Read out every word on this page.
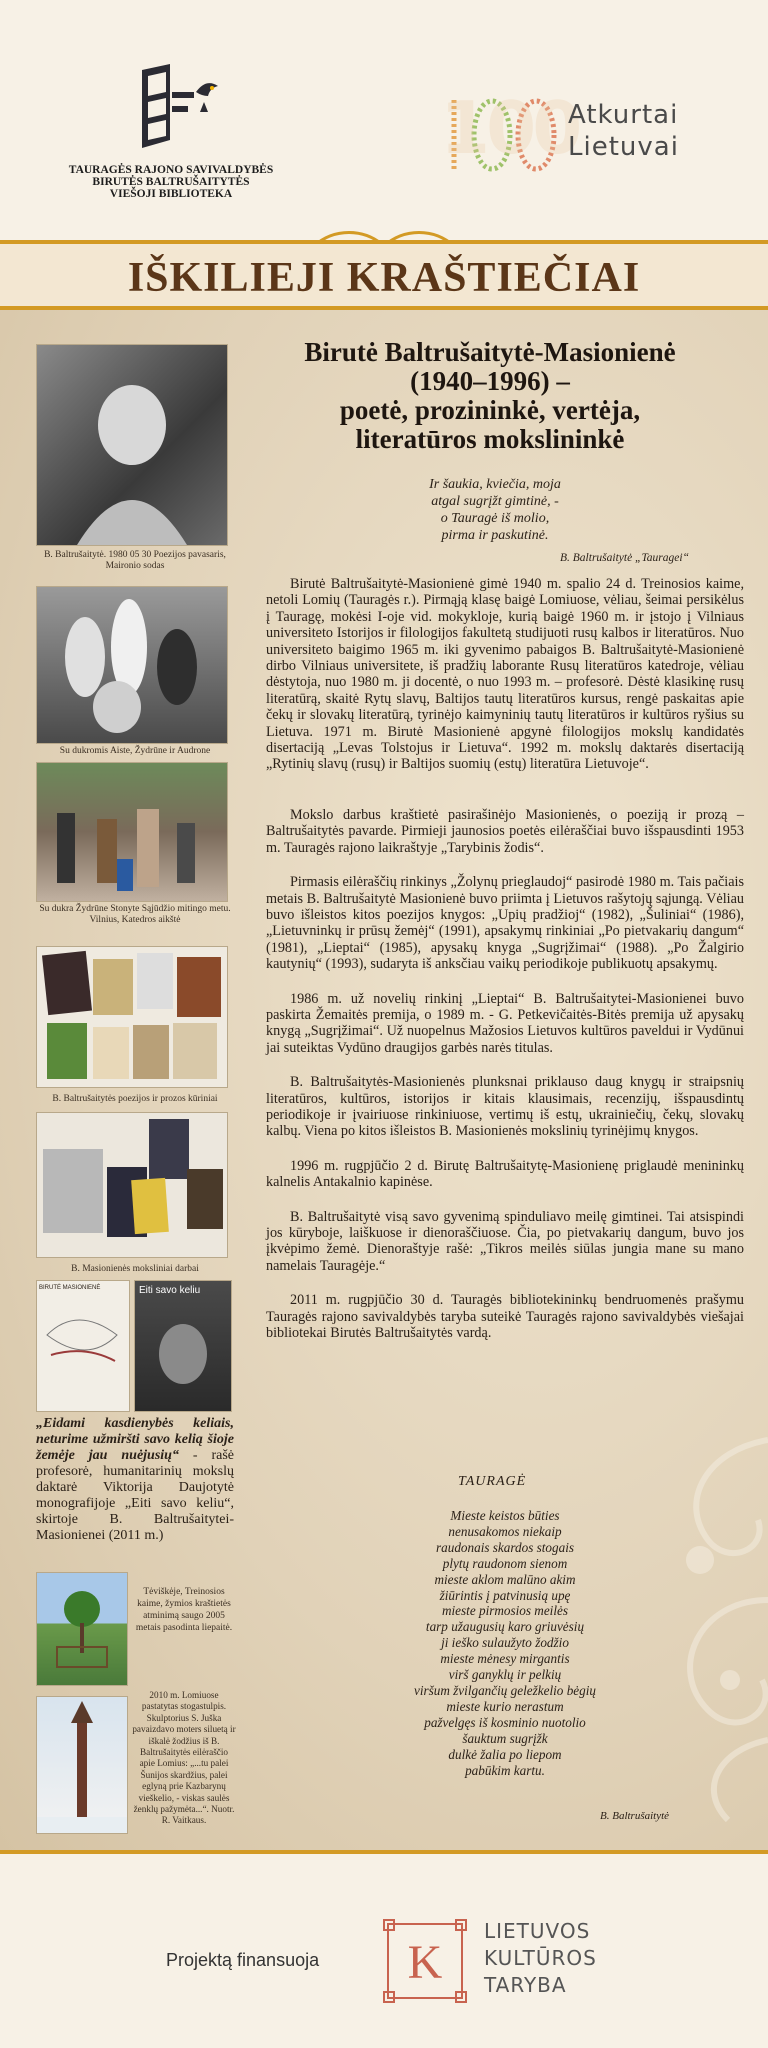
TAURAGĖS RAJONO SAVIVALDYBĖS
BIRUTĖS BALTRUŠAITYTĖS
VIEŠOJI BIBLIOTEKA
100
Atkurtai
Lietuvai
IŠKILIEJI KRAŠTIEČIAI
B. Baltrušaitytė. 1980 05 30 Poezijos pavasaris, Maironio sodas
Su dukromis Aiste, Žydrūne ir Audrone
Su dukra Žydrūne Stonyte Sąjūdžio mitingo metu. Vilnius, Katedros aikštė
B. Baltrušaitytės poezijos ir prozos kūriniai
B. Masionienės moksliniai darbai
BIRUTĖ MASIONIENĖ	Eiti savo keliu
„Eidami kasdienybės keliais, neturime užmiršti savo kelią šioje žemėje jau nuėjusių“ - rašė profesorė, humanitarinių mokslų daktarė Viktorija Daujotytė monografijoje „Eiti savo keliu“, skirtoje B. Baltrušaitytei-Masionienei (2011 m.)
Tėviškėje, Treinosios kaime, žymios kraštietės atminimą saugo 2005 metais pasodinta liepaitė.
2010 m. Lomiuose pastatytas stogastulpis. Skulptorius S. Juška pavaizdavo moters siluetą ir iškalė žodžius iš B. Baltrušaitytės eilėraščio apie Lomius: „...tu palei Šunijos skardžius, palei eglyną prie Kazbarynų vieškelio, - viskas saulės ženklų pažymėta...“. Nuotr. R. Vaitkaus.
Birutė Baltrušaitytė-Masionienė
(1940–1996) –
poetė, prozininkė, vertėja,
literatūros mokslininkė
Ir šaukia, kviečia, moja
atgal sugrįžt gimtinė, -
o Tauragė iš molio,
pirma ir paskutinė.
B. Baltrušaitytė „Tauragei“

Birutė Baltrušaitytė-Masionienė gimė 1940 m. spalio 24 d. Treinosios kaime, netoli Lomių (Tauragės r.). Pirmąją klasę baigė Lomiuose, vėliau, šeimai persikėlus į Tauragę, mokėsi I-oje vid. mokykloje, kurią baigė 1960 m. ir įstojo į Vilniaus universiteto Istorijos ir filologijos fakultetą studijuoti rusų kalbos ir literatūros. Nuo universiteto baigimo 1965 m. iki gyvenimo pabaigos B. Baltrušaitytė-Masionienė dirbo Vilniaus universitete, iš pradžių laborante Rusų literatūros katedroje, vėliau dėstytoja, nuo 1980 m. ji docentė, o nuo 1993 m. – profesorė. Dėstė klasikinę rusų literatūrą, skaitė Rytų slavų, Baltijos tautų literatūros kursus, rengė paskaitas apie čekų ir slovakų literatūrą, tyrinėjo kaimyninių tautų literatūros ir kultūros ryšius su Lietuva. 1971 m. Birutė Masionienė apgynė filologijos mokslų kandidatės disertaciją „Levas Tolstojus ir Lietuva“. 1992 m. mokslų daktarės disertaciją „Rytinių slavų (rusų) ir Baltijos suomių (estų) literatūra Lietuvoje“.

Mokslo darbus kraštietė pasirašinėjo Masionienės, o poeziją ir prozą – Baltrušaitytės pavarde. Pirmieji jaunosios poetės eilėraščiai buvo išspausdinti 1953 m. Tauragės rajono laikraštyje „Tarybinis žodis“.

Pirmasis eilėraščių rinkinys „Žolynų prieglaudoj“ pasirodė 1980 m. Tais pačiais metais B. Baltrušaitytė Masionienė buvo priimta į Lietuvos rašytojų sąjungą. Vėliau buvo išleistos kitos poezijos knygos: „Upių pradžioj“ (1982), „Šuliniai“ (1986), „Lietuvninkų ir prūsų žemėj“ (1991), apsakymų rinkiniai „Po pietvakarių dangum“ (1981), „Lieptai“ (1985), apysakų knyga „Sugrįžimai“ (1988). „Po Žalgirio kautynių“ (1993), sudaryta iš anksčiau vaikų periodikoje publikuotų apsakymų.

1986 m. už novelių rinkinį „Lieptai“ B. Baltrušaitytei-Masionienei buvo paskirta Žemaitės premija, o 1989 m. - G. Petkevičaitės-Bitės premija už apysakų knygą „Sugrįžimai“. Už nuopelnus Mažosios Lietuvos kultūros paveldui ir Vydūnui jai suteiktas Vydūno draugijos garbės narės titulas.

B. Baltrušaitytės-Masionienės plunksnai priklauso daug knygų ir straipsnių literatūros, kultūros, istorijos ir kitais klausimais, recenzijų, išspausdintų periodikoje ir įvairiuose rinkiniuose, vertimų iš estų, ukrainiečių, čekų, slovakų kalbų. Viena po kitos išleistos B. Masionienės mokslinių tyrinėjimų knygos.

1996 m. rugpjūčio 2 d. Birutę Baltrušaitytę-Masionienę priglaudė menininkų kalnelis Antakalnio kapinėse.

B. Baltrušaitytė visą savo gyvenimą spinduliavo meilę gimtinei. Tai atsispindi jos kūryboje, laiškuose ir dienoraščiuose. Čia, po pietvakarių dangum, buvo jos įkvėpimo žemė. Dienoraštyje rašė: „Tikros meilės siūlas jungia mane su mano namelais Tauragėje.“

2011 m. rugpjūčio 30 d. Tauragės bibliotekininkų bendruomenės prašymu Tauragės rajono savivaldybės taryba suteikė Tauragės rajono savivaldybės viešajai bibliotekai Birutės Baltrušaitytės vardą.

TAURAGĖ
Mieste keistos būties
nenusakomos niekaip
raudonais skardos stogais
plytų raudonom sienom
mieste aklom malūno akim
žiūrintis į patvinusią upę
mieste pirmosios meilės
tarp užaugusių karo griuvėsių
ji ieško sulaužyto žodžio
mieste mėnesy mirgantis
virš ganyklų ir pelkių
viršum žvilgančių geležkelio bėgių
mieste kurio nerastum
pažvelgęs iš kosminio nuotolio
šauktum sugrįžk
dulkė žalia po liepom
pabūkim kartu.
B. Baltrušaitytė
Projektą finansuoja K
LIETUVOS
KULTŪROS
TARYBA
